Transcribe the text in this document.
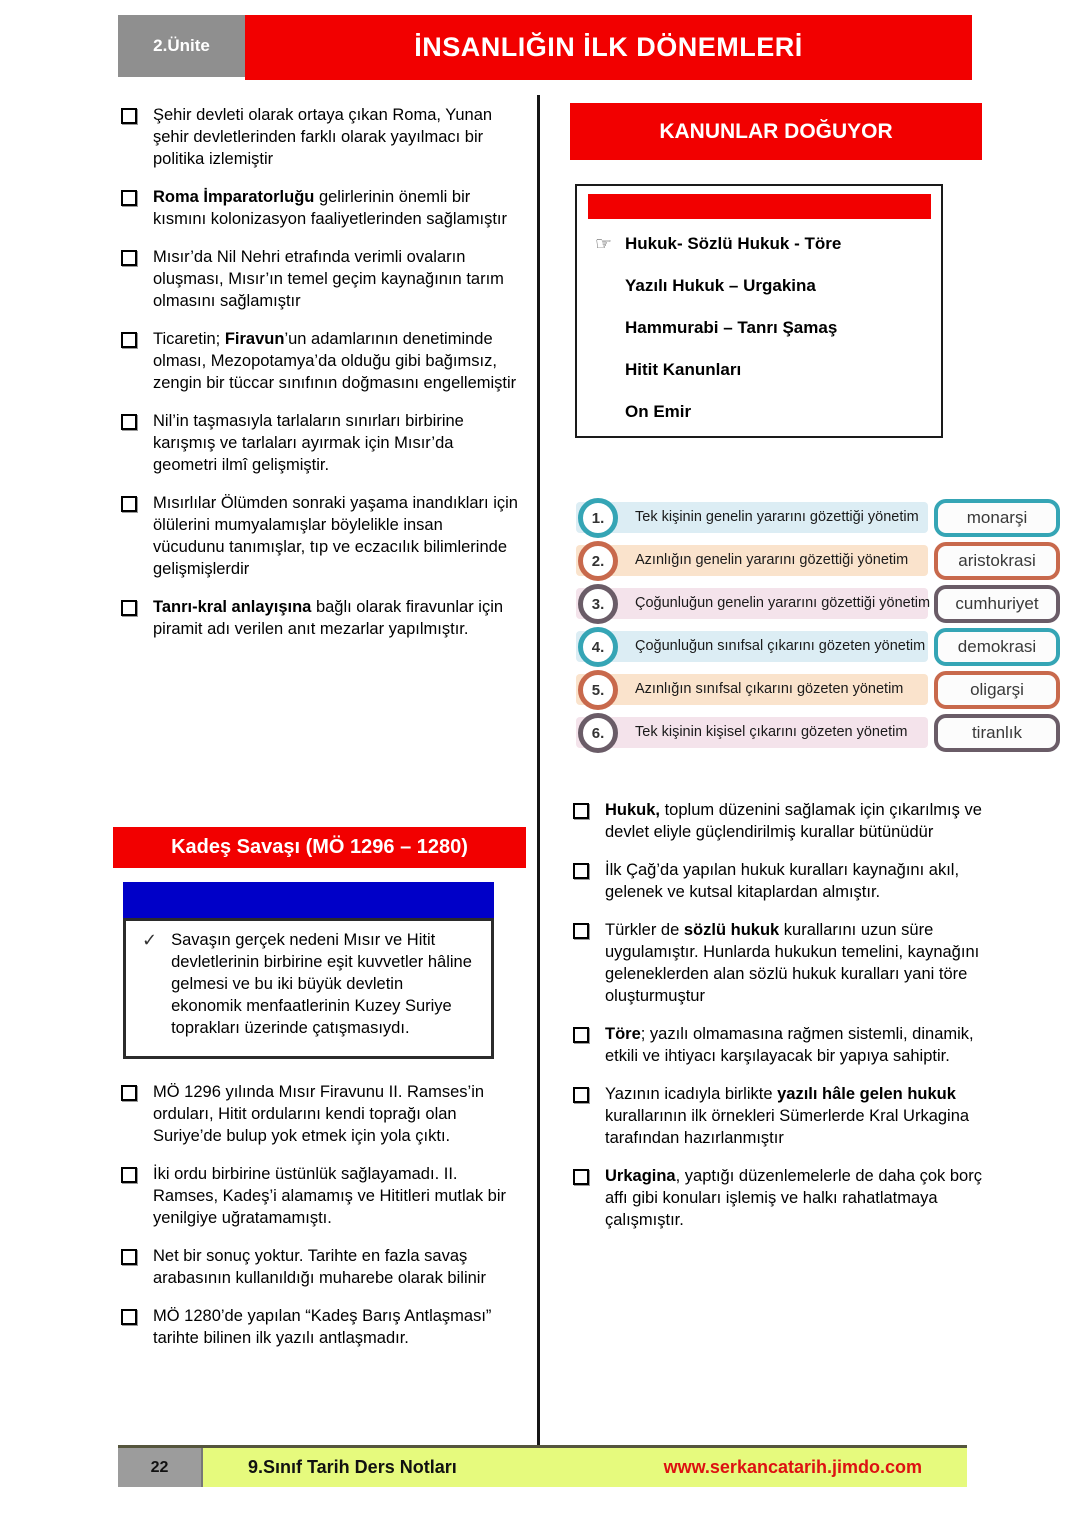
2.Ünite	İNSANLIĞIN İLK DÖNEMLERİ
Şehir devleti olarak ortaya çıkan Roma, Yunan şehir devletlerinden farklı olarak yayılmacı bir politika izlemiştir
Roma İmparatorluğu gelirlerinin önemli bir kısmını kolonizasyon faaliyetlerinden sağlamıştır
Mısır’da Nil Nehri etrafında verimli ovaların oluşması, Mısır’ın temel geçim kaynağının tarım olmasını sağlamıştır
Ticaretin; Firavun’un adamlarının denetiminde olması, Mezopotamya’da olduğu gibi bağımsız, zengin bir tüccar sınıfının doğmasını engellemiştir
Nil’in taşmasıyla tarlaların sınırları birbirine karışmış ve tarlaları ayırmak için Mısır’da geometri ilmî gelişmiştir.
Mısırlılar Ölümden sonraki yaşama inandıkları için ölülerini mumyalamışlar böylelikle insan vücudunu tanımışlar, tıp ve eczacılık bilimlerinde gelişmişlerdir
Tanrı-kral anlayışına bağlı olarak firavunlar için piramit adı verilen anıt mezarlar yapılmıştır.
Kadeş Savaşı (MÖ 1296 – 1280)
✓ Savaşın gerçek nedeni Mısır ve Hitit devletlerinin birbirine eşit kuvvetler hâline gelmesi ve bu iki büyük devletin ekonomik menfaatlerinin Kuzey Suriye toprakları üzerinde çatışmasıydı.
MÖ 1296 yılında Mısır Firavunu II. Ramses’in orduları, Hitit ordularını kendi toprağı olan Suriye’de bulup yok etmek için yola çıktı.
İki ordu birbirine üstünlük sağlayamadı. II. Ramses, Kadeş’i alamamış ve Hititleri mutlak bir yenilgiye uğratamamıştı.
Net bir sonuç yoktur. Tarihte en fazla savaş arabasının kullanıldığı muharebe olarak bilinir
MÖ 1280’de yapılan “Kadeş Barış Antlaşması” tarihte bilinen ilk yazılı antlaşmadır.
KANUNLAR DOĞUYOR
☞ Hukuk- Sözlü Hukuk - Töre
Yazılı Hukuk – Urgakina
Hammurabi – Tanrı Şamaş
Hitit Kanunları
On Emir
1.	Tek kişinin genelin yararını gözettiği yönetim	monarşi
2.	Azınlığın genelin yararını gözettiği yönetim	aristokrasi
3.	Çoğunluğun genelin yararını gözettiği yönetim	cumhuriyet
4.	Çoğunluğun sınıfsal çıkarını gözeten yönetim	demokrasi
5.	Azınlığın sınıfsal çıkarını gözeten yönetim	oligarşi
6.	Tek kişinin kişisel çıkarını gözeten yönetim	tiranlık
Hukuk, toplum düzenini sağlamak için çıkarılmış ve devlet eliyle güçlendirilmiş kurallar bütünüdür
İlk Çağ’da yapılan hukuk kuralları kaynağını akıl, gelenek ve kutsal kitaplardan almıştır.
Türkler de sözlü hukuk kurallarını uzun süre uygulamıştır. Hunlarda hukukun temelini, kaynağını geleneklerden alan sözlü hukuk kuralları yani töre oluşturmuştur
Töre; yazılı olmamasına rağmen sistemli, dinamik, etkili ve ihtiyacı karşılayacak bir yapıya sahiptir.
Yazının icadıyla birlikte yazılı hâle gelen hukuk kurallarının ilk örnekleri Sümerlerde Kral Urkagina tarafından hazırlanmıştır
Urkagina, yaptığı düzenlemelerle de daha çok borç affı gibi konuları işlemiş ve halkı rahatlatmaya çalışmıştır.
22	9.Sınıf Tarih Ders Notları	www.serkancatarih.jimdo.com
